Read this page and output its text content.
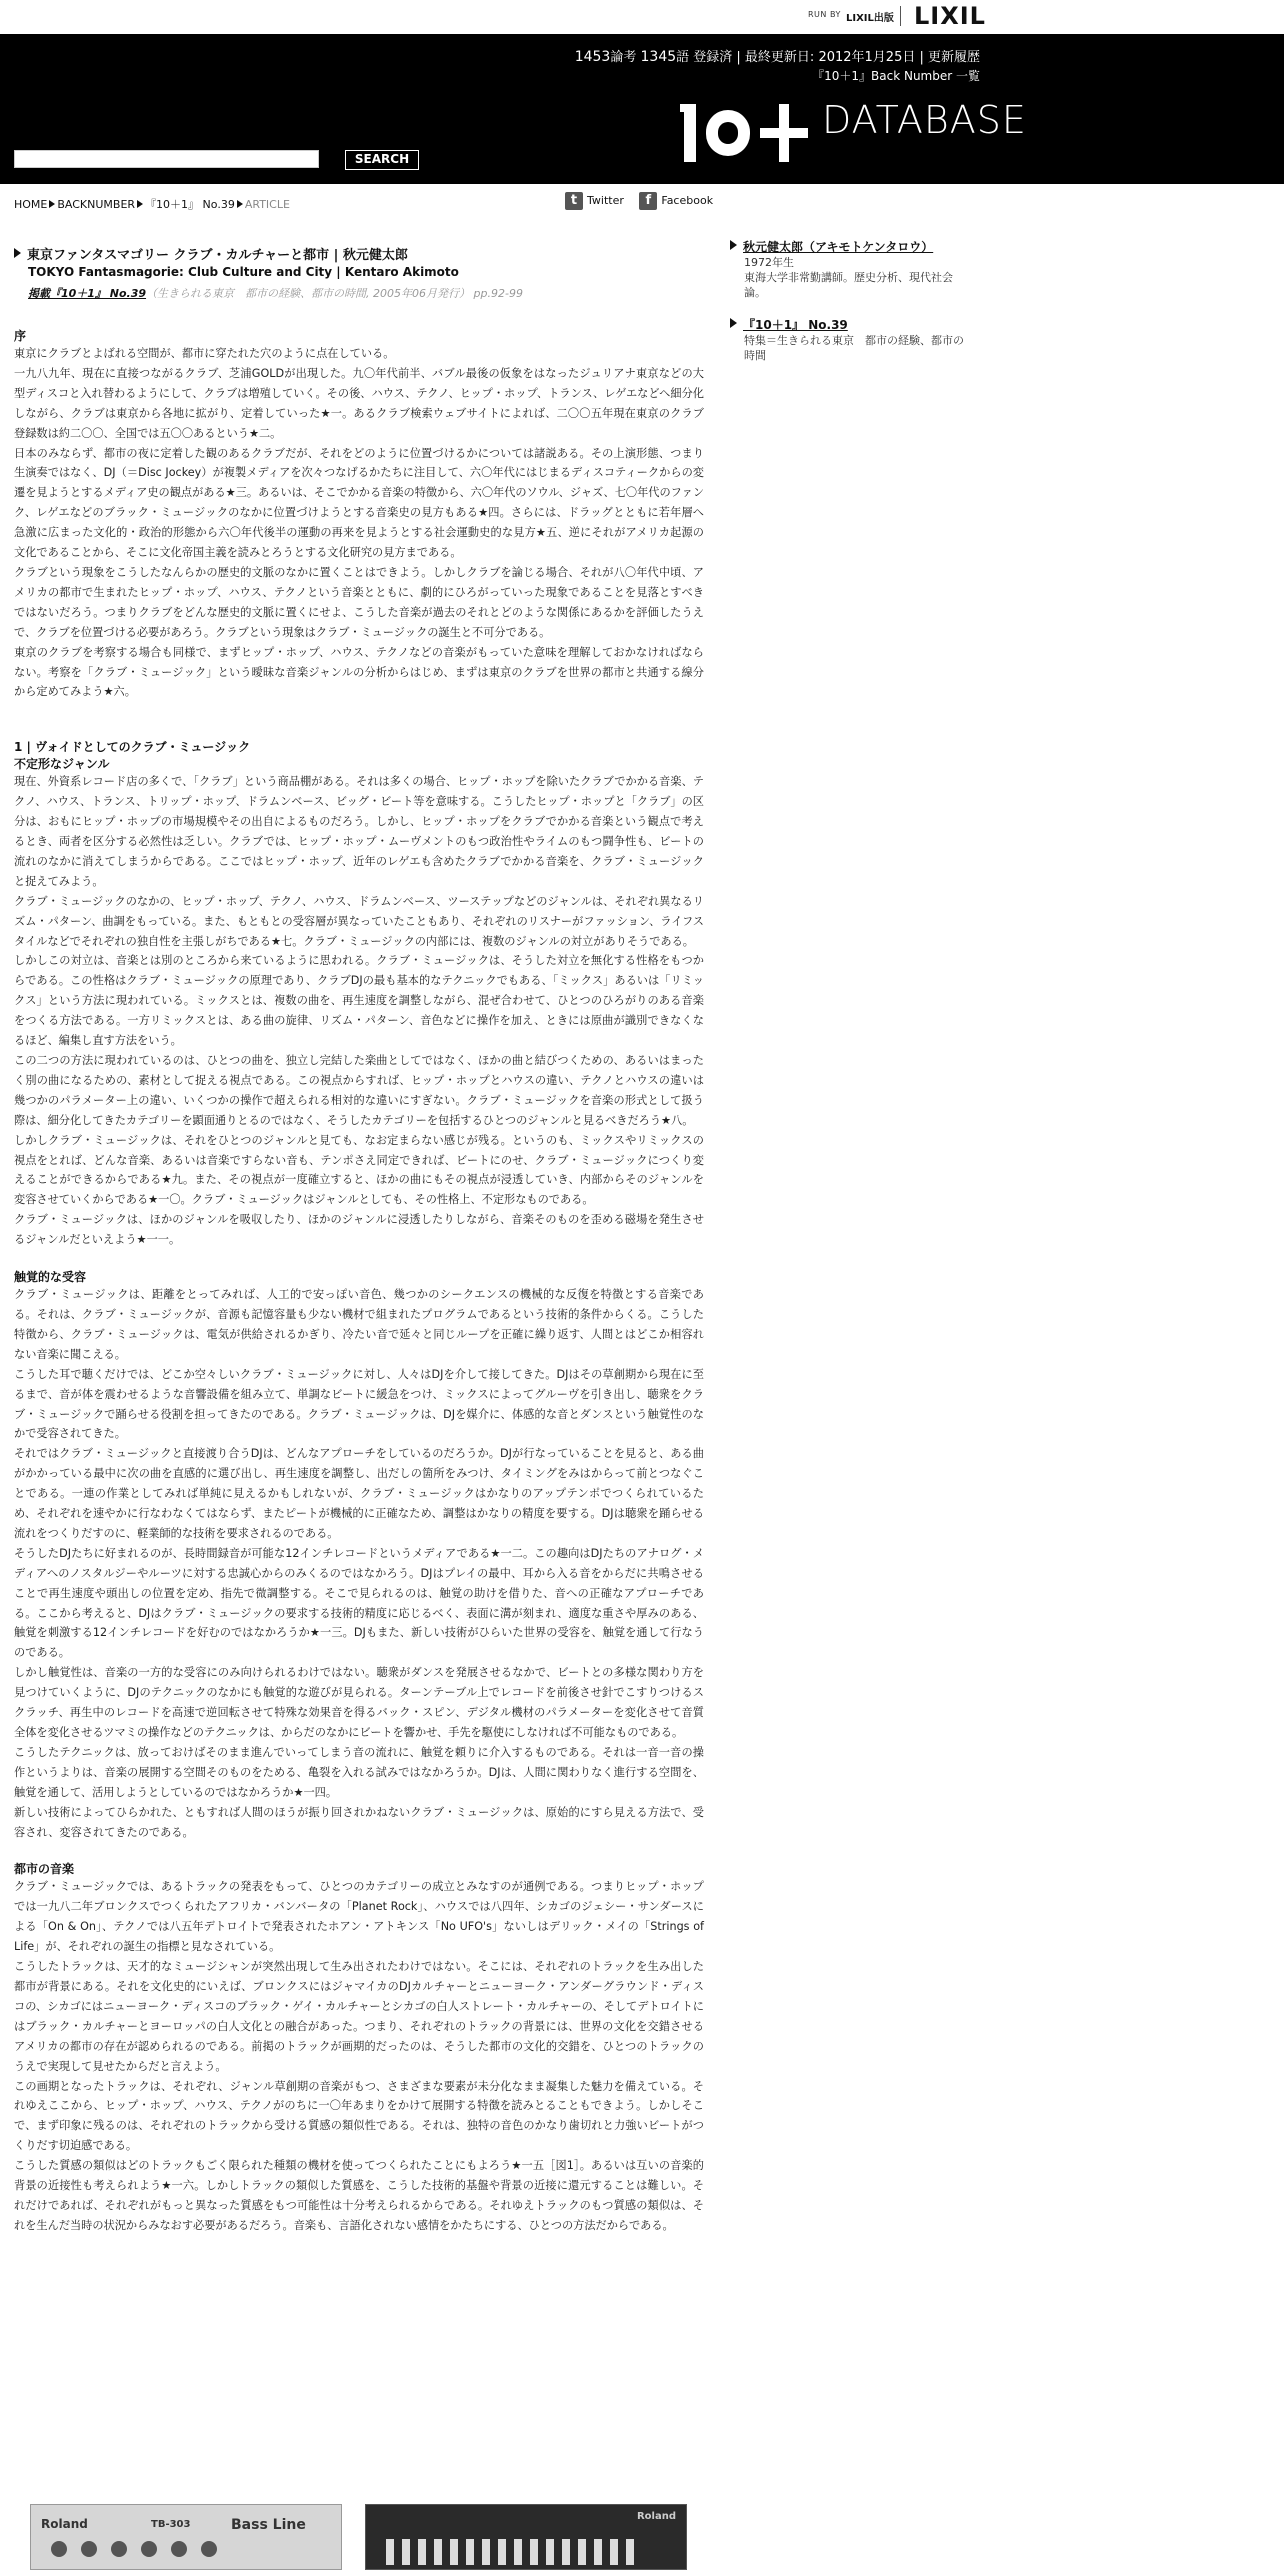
RUN BY LIXIL出版 LIXIL
1453論考 1345語 登録済 | 最終更新日: 2012年1月25日 | 更新履歴
『10＋1』Back Number 一覧
DATABASE
SEARCH
HOME BACKNUMBER 『10＋1』 No.39 ARTICLE	t Twitter f Facebook
東京ファンタスマゴリー クラブ・カルチャーと都市 | 秋元健太郎
TOKYO Fantasmagorie: Club Culture and City | Kentaro Akimoto
掲載『10＋1』 No.39（生きられる東京　都市の経験、都市の時間, 2005年06月発行） pp.92-99
序

東京にクラブとよばれる空間が、都市に穿たれた穴のように点在している。

一九八九年、現在に直接つながるクラブ、芝浦GOLDが出現した。九〇年代前半、バブル最後の仮象をはなったジュリアナ東京などの大型ディスコと入れ替わるようにして、クラブは増殖していく。その後、ハウス、テクノ、ヒップ・ホップ、トランス、レゲエなどへ細分化しながら、クラブは東京から各地に拡がり、定着していった★一。あるクラブ検索ウェブサイトによれば、二〇〇五年現在東京のクラブ登録数は約二〇〇、全国では五〇〇あるという★二。

日本のみならず、都市の夜に定着した観のあるクラブだが、それをどのように位置づけるかについては諸説ある。その上演形態、つまり生演奏ではなく、DJ（＝Disc Jockey）が複製メディアを次々つなげるかたちに注目して、六〇年代にはじまるディスコティークからの変遷を見ようとするメディア史の観点がある★三。あるいは、そこでかかる音楽の特徴から、六〇年代のソウル、ジャズ、七〇年代のファンク、レゲエなどのブラック・ミュージックのなかに位置づけようとする音楽史の見方もある★四。さらには、ドラッグとともに若年層へ急激に広まった文化的・政治的形態から六〇年代後半の運動の再来を見ようとする社会運動史的な見方★五、逆にそれがアメリカ起源の文化であることから、そこに文化帝国主義を読みとろうとする文化研究の見方まである。

クラブという現象をこうしたなんらかの歴史的文脈のなかに置くことはできよう。しかしクラブを論じる場合、それが八〇年代中頃、アメリカの都市で生まれたヒップ・ホップ、ハウス、テクノという音楽とともに、劇的にひろがっていった現象であることを見落とすべきではないだろう。つまりクラブをどんな歴史的文脈に置くにせよ、こうした音楽が過去のそれとどのような関係にあるかを評価したうえで、クラブを位置づける必要があろう。クラブという現象はクラブ・ミュージックの誕生と不可分である。

東京のクラブを考察する場合も同様で、まずヒップ・ホップ、ハウス、テクノなどの音楽がもっていた意味を理解しておかなければならない。考察を「クラブ・ミュージック」という曖昧な音楽ジャンルの分析からはじめ、まずは東京のクラブを世界の都市と共通する線分から定めてみよう★六。

1 | ヴォイドとしてのクラブ・ミュージック
不定形なジャンル

現在、外資系レコード店の多くで、「クラブ」という商品棚がある。それは多くの場合、ヒップ・ホップを除いたクラブでかかる音楽、テクノ、ハウス、トランス、トリップ・ホップ、ドラムンベース、ビッグ・ビート等を意味する。こうしたヒップ・ホップと「クラブ」の区分は、おもにヒップ・ホップの市場規模やその出自によるものだろう。しかし、ヒップ・ホップをクラブでかかる音楽という観点で考えるとき、両者を区分する必然性は乏しい。クラブでは、ヒップ・ホップ・ムーヴメントのもつ政治性やライムのもつ闘争性も、ビートの流れのなかに消えてしまうからである。ここではヒップ・ホップ、近年のレゲエも含めたクラブでかかる音楽を、クラブ・ミュージックと捉えてみよう。

クラブ・ミュージックのなかの、ヒップ・ホップ、テクノ、ハウス、ドラムンベース、ツーステップなどのジャンルは、それぞれ異なるリズム・パターン、曲調をもっている。また、もともとの受容層が異なっていたこともあり、それぞれのリスナーがファッション、ライフスタイルなどでそれぞれの独自性を主張しがちである★七。クラブ・ミュージックの内部には、複数のジャンルの対立がありそうである。

しかしこの対立は、音楽とは別のところから来ているように思われる。クラブ・ミュージックは、そうした対立を無化する性格をもつからである。この性格はクラブ・ミュージックの原理であり、クラブDJの最も基本的なテクニックでもある、「ミックス」あるいは「リミックス」という方法に現われている。ミックスとは、複数の曲を、再生速度を調整しながら、混ぜ合わせて、ひとつのひろがりのある音楽をつくる方法である。一方リミックスとは、ある曲の旋律、リズム・パターン、音色などに操作を加え、ときには原曲が識別できなくなるほど、編集し直す方法をいう。

この二つの方法に現われているのは、ひとつの曲を、独立し完結した楽曲としてではなく、ほかの曲と結びつくための、あるいはまった く別の曲になるための、素材として捉える視点である。この視点からすれば、ヒップ・ホップとハウスの違い、テクノとハウスの違いは幾つかのパラメーター上の違い、いくつかの操作で超えられる相対的な違いにすぎない。クラブ・ミュージックを音楽の形式として扱う際は、細分化してきたカテゴリーを顕面通りとるのではなく、そうしたカテゴリーを包括するひとつのジャンルと見るべきだろう★八。

しかしクラブ・ミュージックは、それをひとつのジャンルと見ても、なお定まらない感じが残る。というのも、ミックスやリミックスの視点をとれば、どんな音楽、あるいは音楽ですらない音も、テンポさえ同定できれば、ビートにのせ、クラブ・ミュージックにつくり変えることができるからである★九。また、その視点が一度確立すると、ほかの曲にもその視点が浸透していき、内部からそのジャンルを変容させていくからである★一〇。クラブ・ミュージックはジャンルとしても、その性格上、不定形なものである。

クラブ・ミュージックは、ほかのジャンルを吸収したり、ほかのジャンルに浸透したりしながら、音楽そのものを歪める磁場を発生させるジャンルだといえよう★一一。

触覚的な受容

クラブ・ミュージックは、距離をとってみれば、人工的で安っぽい音色、幾つかのシークエンスの機械的な反復を特徴とする音楽である。それは、クラブ・ミュージックが、音源も記憶容量も少ない機材で組まれたプログラムであるという技術的条件からくる。こうした特徴から、クラブ・ミュージックは、電気が供給されるかぎり、冷たい音で延々と同じループを正確に繰り返す、人間とはどこか相容れない音楽に聞こえる。

こうした耳で聴くだけでは、どこか空々しいクラブ・ミュージックに対し、人々はDJを介して接してきた。DJはその草創期から現在に至るまで、音が体を震わせるような音響設備を組み立て、単調なビートに緩急をつけ、ミックスによってグルーヴを引き出し、聴衆をクラブ・ミュージックで踊らせる役割を担ってきたのである。クラブ・ミュージックは、DJを媒介に、体感的な音とダンスという触覚性のなかで受容されてきた。

それではクラブ・ミュージックと直接渡り合うDJは、どんなアプローチをしているのだろうか。DJが行なっていることを見ると、ある曲がかかっている最中に次の曲を直感的に選び出し、再生速度を調整し、出だしの箇所をみつけ、タイミングをみはからって前とつなぐことである。一連の作業としてみれば単純に見えるかもしれないが、クラブ・ミュージックはかなりのアップテンポでつくられているため、それぞれを速やかに行なわなくてはならず、またピートが機械的に正確なため、調整はかなりの精度を要する。DJは聴衆を踊らせる流れをつくりだすのに、軽業師的な技術を要求されるのである。

そうしたDJたちに好まれるのが、長時間録音が可能な12インチレコードというメディアである★一二。この趣向はDJたちのアナログ・メディアへのノスタルジーやルーツに対する忠誠心からのみくるのではなかろう。DJはプレイの最中、耳から入る音をからだに共鳴させることで再生速度や頭出しの位置を定め、指先で微調整する。そこで見られるのは、触覚の助けを借りた、音への正確なアプローチである。ここから考えると、DJはクラブ・ミュージックの要求する技術的精度に応じるべく、表面に溝が刻まれ、適度な重さや厚みのある、触覚を刺激する12インチレコードを好むのではなかろうか★一三。DJもまた、新しい技術がひらいた世界の受容を、触覚を通して行なうのである。

しかし触覚性は、音楽の一方的な受容にのみ向けられるわけではない。聴衆がダンスを発展させるなかで、ビートとの多様な関わり方を見つけていくように、DJのテクニックのなかにも触覚的な遊びが見られる。ターンテーブル上でレコードを前後させ針でこすりつけるスクラッチ、再生中のレコードを高速で逆回転させて特殊な効果音を得るバック・スピン、デジタル機材のパラメーターを変化させて音質全体を変化させるツマミの操作などのテクニックは、からだのなかにビートを響かせ、手先を駆使にしなければ不可能なものである。

こうしたテクニックは、放っておけばそのまま進んでいってしまう音の流れに、触覚を頼りに介入するものである。それは一音一音の操作というよりは、音楽の展開する空間そのものをためる、亀裂を入れる試みではなかろうか。DJは、人間に関わりなく進行する空間を、触覚を通して、活用しようとしているのではなかろうか★一四。

新しい技術によってひらかれた、ともすれば人間のほうが振り回されかねないクラブ・ミュージックは、原始的にすら見える方法で、受容され、変容されてきたのである。

都市の音楽

クラブ・ミュージックでは、あるトラックの発表をもって、ひとつのカテゴリーの成立とみなすのが通例である。つまりヒップ・ホップでは一九八二年ブロンクスでつくられたアフリカ・バンバータの「Planet Rock」、ハウスでは八四年、シカゴのジェシー・サンダースによる「On & On」、テクノでは八五年デトロイトで発表されたホアン・アトキンス「No UFO's」ないしはデリック・メイの「Strings of Life」が、それぞれの誕生の指標と見なされている。

こうしたトラックは、天才的なミュージシャンが突然出現して生み出されたわけではない。そこには、それぞれのトラックを生み出した都市が背景にある。それを文化史的にいえば、ブロンクスにはジャマイカのDJカルチャーとニューヨーク・アンダーグラウンド・ディスコの、シカゴにはニューヨーク・ディスコのブラック・ゲイ・カルチャーとシカゴの白人ストレート・カルチャーの、そしてデトロイトにはブラック・カルチャーとヨーロッパの白人文化との融合があった。つまり、それぞれのトラックの背景には、世界の文化を交錯させるアメリカの都市の存在が認められるのである。前掲のトラックが画期的だったのは、そうした都市の文化的交錯を、ひとつのトラックのうえで実現して見せたからだと言えよう。

この画期となったトラックは、それぞれ、ジャンル草創期の音楽がもつ、さまざまな要素が未分化なまま凝集した魅力を備えている。それゆえここから、ヒップ・ホップ、ハウス、テクノがのちに一〇年あまりをかけて展開する特徴を読みとることもできよう。しかしそこで、まず印象に残るのは、それぞれのトラックから受ける質感の類似性である。それは、独特の音色のかなり歯切れと力強いビートがつくりだす切迫感である。

こうした質感の類似はどのトラックもごく限られた種類の機材を使ってつくられたことにもよろう★一五［図1］。あるいは互いの音楽的背景の近接性も考えられよう★一六。しかしトラックの類似した質感を、こうした技術的基盤や背景の近接に還元することは難しい。それだけであれば、それぞれがもっと異なった質感をもつ可能性は十分考えられるからである。それゆえトラックのもつ質感の類似は、それを生んだ当時の状況からみなおす必要があるだろう。音楽も、言語化されない感情をかたちにする、ひとつの方法だからである。

Roland	Bass Line
TB-303
Roland
秋元健太郎（アキモトケンタロウ）
1972年生
東海大学非常勤講師。歴史分析、現代社会論。
『10＋1』 No.39
特集＝生きられる東京　都市の経験、都市の時間
